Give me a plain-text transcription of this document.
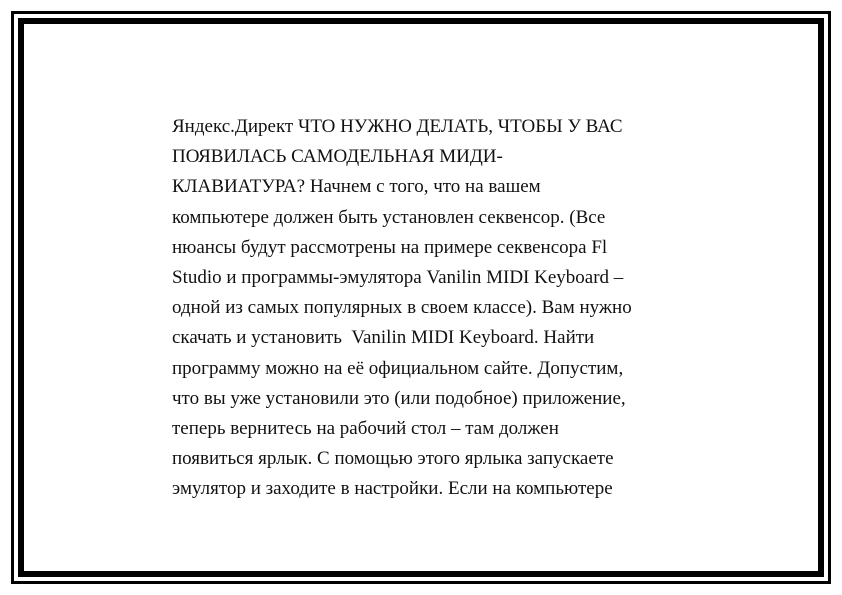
Яндекс.Директ ЧТО НУЖНО ДЕЛАТЬ, ЧТОБЫ У ВАС
ПОЯВИЛАСЬ САМОДЕЛЬНАЯ МИДИ-
КЛАВИАТУРА? Начнем с того, что на вашем
компьютере должен быть установлен секвенсор. (Все
нюансы будут рассмотрены на примере секвенсора Fl
Studio и программы-эмулятора Vanilin MIDI Keyboard –
одной из самых популярных в своем классе). Вам нужно
скачать и установить  Vanilin MIDI Keyboard. Найти
программу можно на её официальном сайте. Допустим,
что вы уже установили это (или подобное) приложение,
теперь вернитесь на рабочий стол – там должен
появиться ярлык. С помощью этого ярлыка запускаете
эмулятор и заходите в настройки. Если на компьютере
